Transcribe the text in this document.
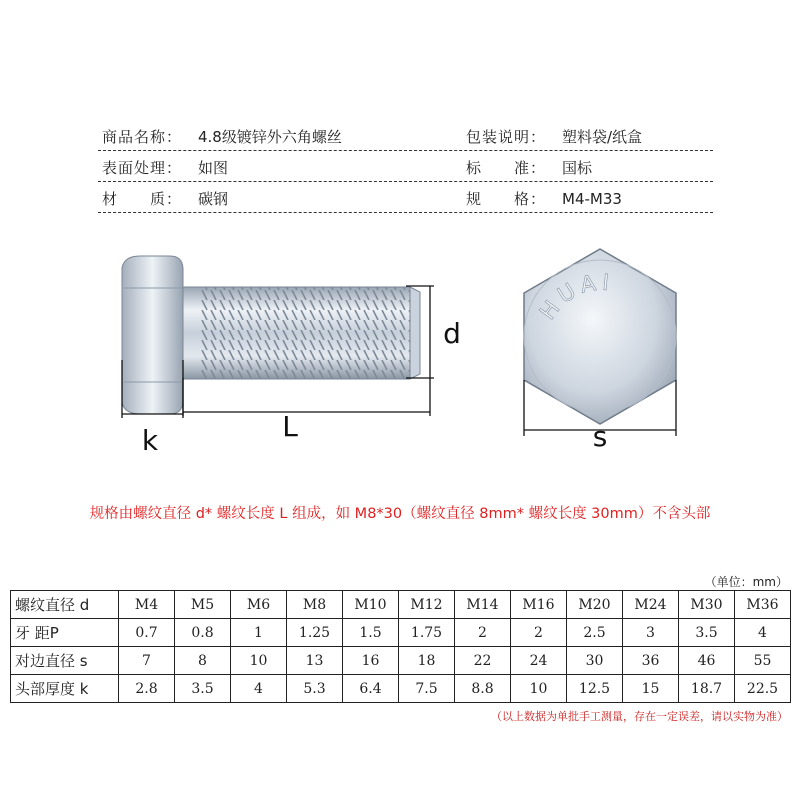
商品名称： 4.8级镀锌外六角螺丝	包装说明： 塑料袋/纸盒
表面处理： 如图	标　　准： 国标
材　　质： 碳钢	规　　格： M4-M33
HUAI
d
L
k	s
规格由螺纹直径 d* 螺纹长度 L 组成，如 M8*30（螺纹直径 8mm* 螺纹长度 30mm）不含头部
（单位：mm）
螺纹直径 d	M4	M5	M6	M8	M10	M12	M14	M16	M20	M24	M30	M36
牙 距P	0.7	0.8	1	1.25	1.5	1.75	2	2	2.5	3	3.5	4
对边直径 s	7	8	10	13	16	18	22	24	30	36	46	55
头部厚度 k	2.8	3.5	4	5.3	6.4	7.5	8.8	10	12.5	15	18.7	22.5
（以上数据为单批手工测量，存在一定误差，请以实物为准）
